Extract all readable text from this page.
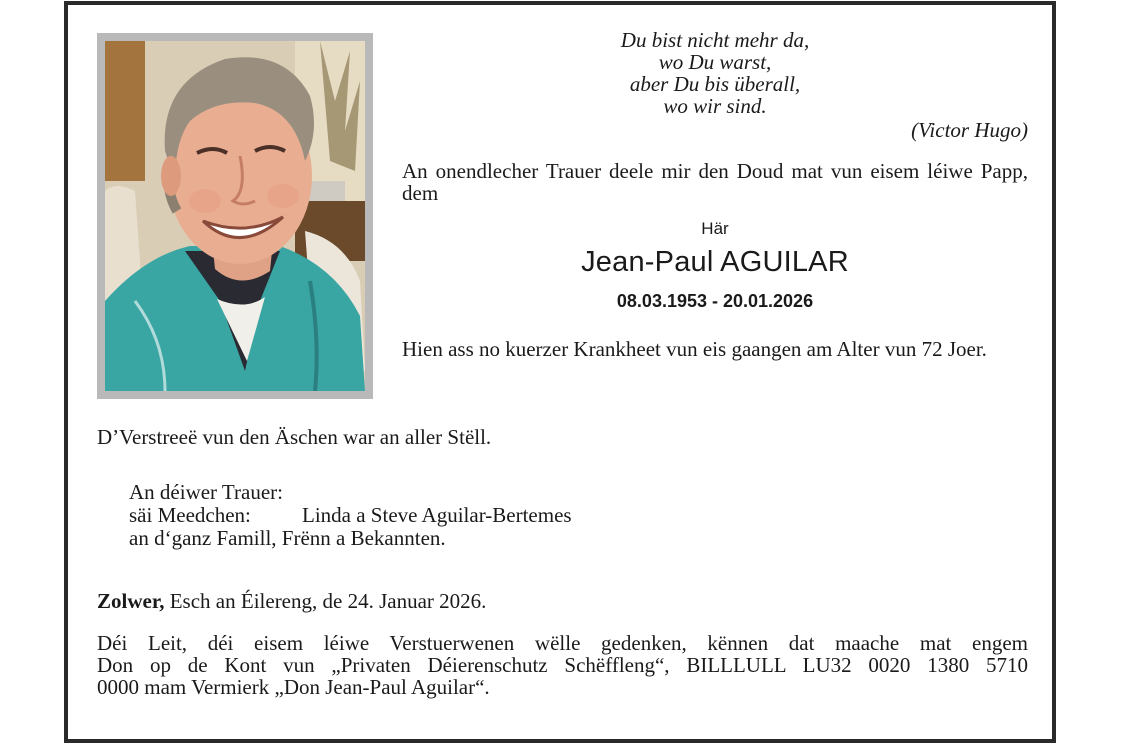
Du bist nicht mehr da,
wo Du warst,
aber Du bis überall,
wo wir sind.
(Victor Hugo)
An onendlecher Trauer deele mir den Doud mat vun eisem léiwe Papp, dem
Här
Jean-Paul AGUILAR
08.03.1953 - 20.01.2026
Hien ass no kuerzer Krankheet vun eis gaangen am Alter vun 72 Joer.
D’Verstreeë vun den Äschen war an aller Stëll.
An déiwer Trauer:
säi Meedchen: Linda a Steve Aguilar-Bertemes
an d‘ganz Famill, Frënn a Bekannten.
Zolwer, Esch an Éilereng, de 24. Januar 2026.
Déi Leit, déi eisem léiwe Verstuerwenen wëlle gedenken, kënnen dat maache mat engem
Don op de Kont vun „Privaten Déierenschutz Schëffleng“, BILLLULL LU32 0020 1380 5710
0000 mam Vermierk „Don Jean-Paul Aguilar“.
